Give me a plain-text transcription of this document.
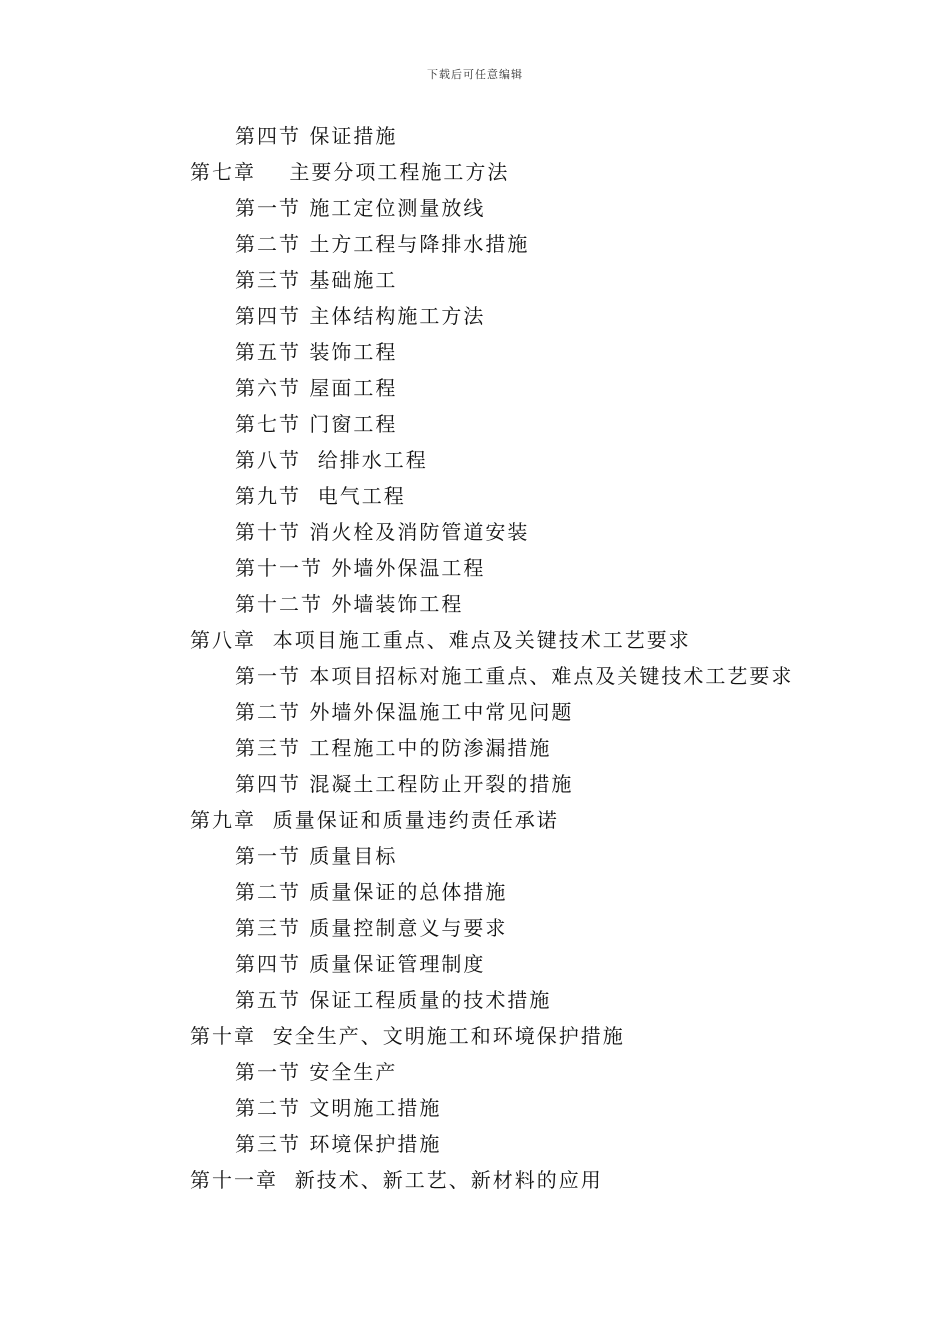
下载后可任意编辑
第四节 保证措施
第七章    主要分项工程施工方法
第一节 施工定位测量放线
第二节 土方工程与降排水措施
第三节 基础施工
第四节 主体结构施工方法
第五节 装饰工程
第六节 屋面工程
第七节 门窗工程
第八节  给排水工程
第九节  电气工程
第十节 消火栓及消防管道安装
第十一节 外墙外保温工程
第十二节 外墙装饰工程
第八章  本项目施工重点、难点及关键技术工艺要求
第一节 本项目招标对施工重点、难点及关键技术工艺要求
第二节 外墙外保温施工中常见问题
第三节 工程施工中的防渗漏措施
第四节 混凝土工程防止开裂的措施
第九章  质量保证和质量违约责任承诺
第一节 质量目标
第二节 质量保证的总体措施
第三节 质量控制意义与要求
第四节 质量保证管理制度
第五节 保证工程质量的技术措施
第十章  安全生产、文明施工和环境保护措施
第一节 安全生产
第二节 文明施工措施
第三节 环境保护措施
第十一章  新技术、新工艺、新材料的应用
